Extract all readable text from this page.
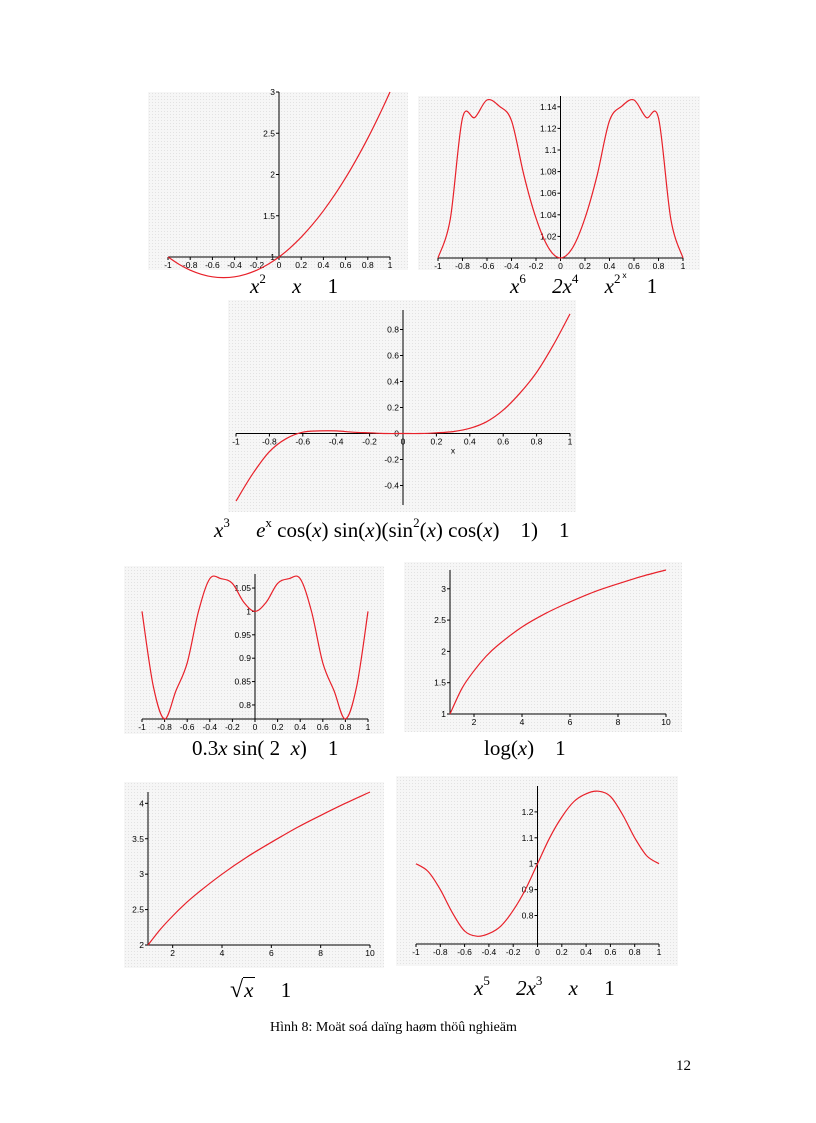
-1 -0.8 -0.6 -0.4 -0.2 0 0.2 0.4 0.6 0.8 1
1
1.5
2
2.5
3
-1 -0.8 -0.6 -0.4 -0.2 0 0.2 0.4 0.6 0.8 1
1.02
1.04
1.06
1.08
1.1
1.12
1.14
x
-1	-0.8 -0.6 -0.4 -0.2	0	0.2	0.4	0.6	0.8	1
-0.4
-0.2
0
0.2
0.4
0.6
0.8
x
-1 -0.8 -0.6 -0.4 -0.2 0 0.2 0.4 0.6 0.8 1
0.8
0.85
0.9
0.95
1
1.05
2	4	6	8	10
1
1.5
2
2.5
3
2	4	6	8	10
2
2.5
3
3.5
4
-1 -0.8 -0.6 -0.4 -0.2 0 0.2 0.4 0.6 0.8 1
0.8
0.9
1
1.1
1.2
$x^2$ x 1	$x^6$ $2x^4$ $x^2$ 1
$x^3$ $e^x$ cos(x) $\sin(x)(\sin^2(x)$ cos(x)    1)    1
0.3x sin( 2  x)    1	log(x)    1
√x 1	$x^5$ $2x^3$ x 1
Hình 8: Moät soá daïng haøm thöû nghieäm
12
